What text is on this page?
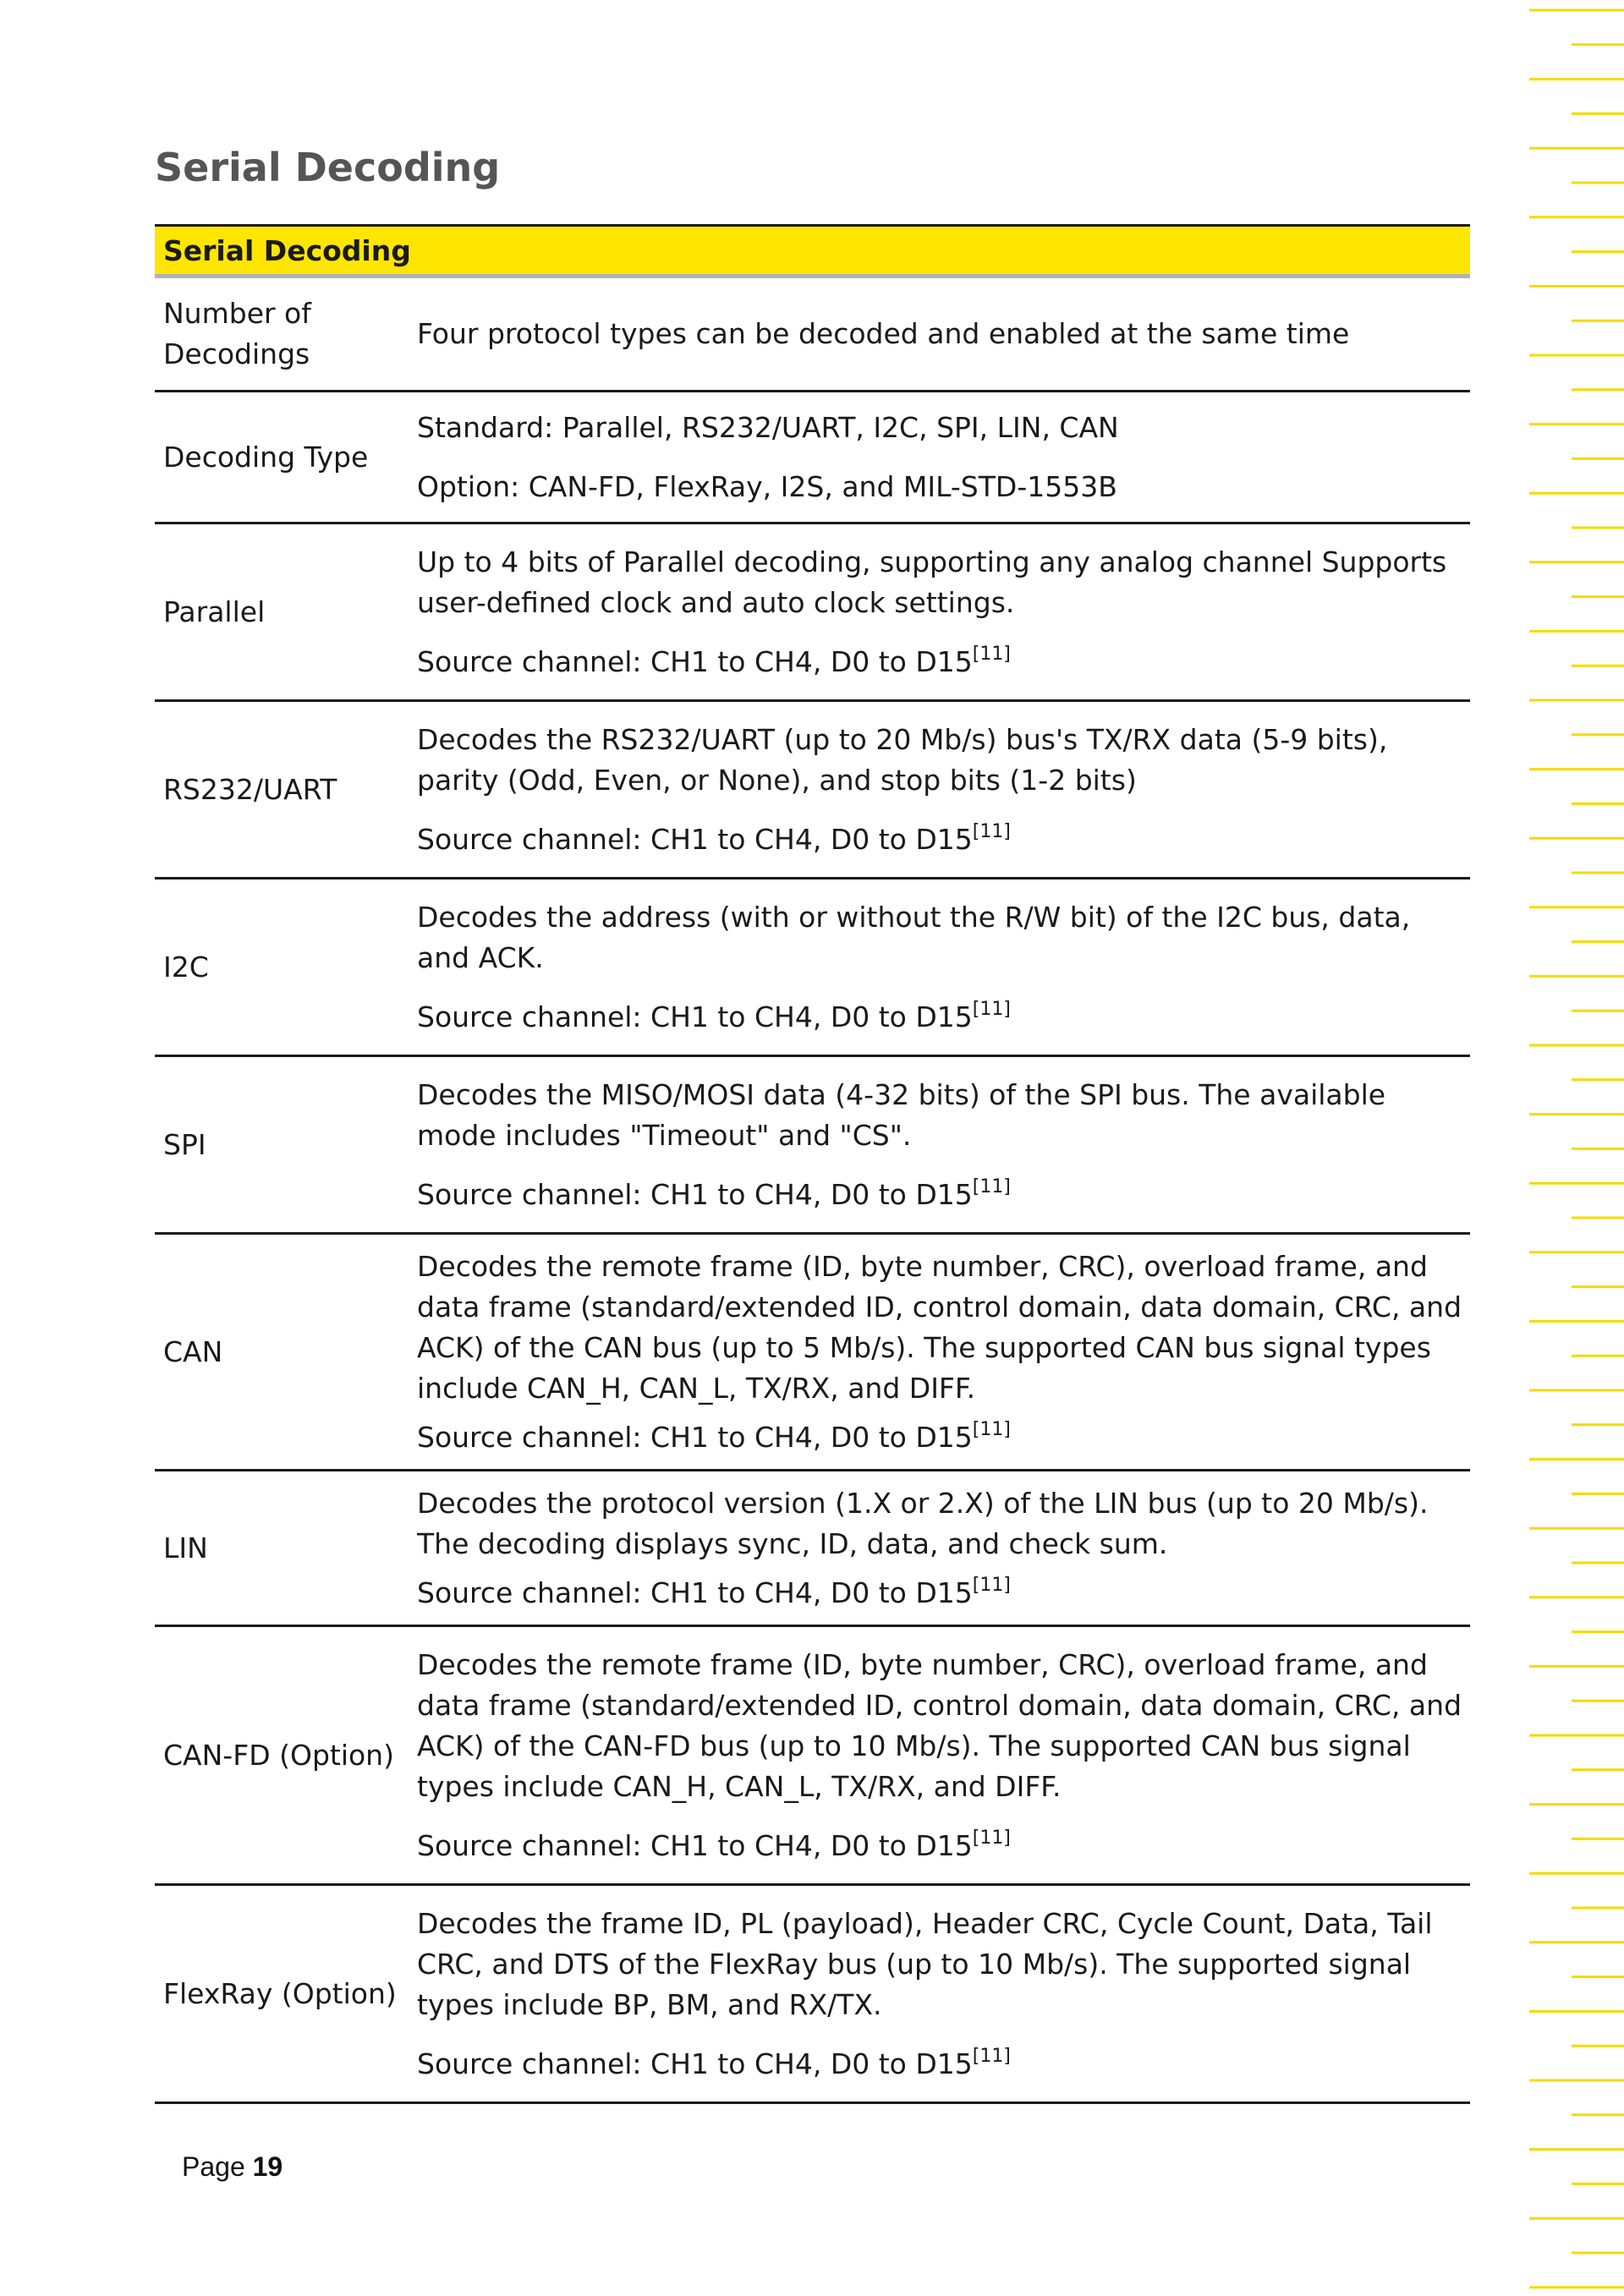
Serial Decoding
Serial Decoding	
Number of Decodings	Four protocol types can be decoded and enabled at the same time

Decoding Type	Standard: Parallel, RS232/UART, I2C, SPI, LIN, CAN

Option: CAN-FD, FlexRay, I2S, and MIL-STD-1553B

Parallel	Up to 4 bits of Parallel decoding, supporting any analog channel Supports user-defined clock and auto clock settings.

Source channel: CH1 to CH4, D0 to D15[11]

RS232/UART	Decodes the RS232/UART (up to 20 Mb/s) bus's TX/RX data (5-9 bits), parity (Odd, Even, or None), and stop bits (1-2 bits)

Source channel: CH1 to CH4, D0 to D15[11]

I2C	Decodes the address (with or without the R/W bit) of the I2C bus, data, and ACK.

Source channel: CH1 to CH4, D0 to D15[11]

SPI	Decodes the MISO/MOSI data (4-32 bits) of the SPI bus. The available mode includes "Timeout" and "CS".

Source channel: CH1 to CH4, D0 to D15[11]

CAN	Decodes the remote frame (ID, byte number, CRC), overload frame, and data frame (standard/extended ID, control domain, data domain, CRC, and ACK) of the CAN bus (up to 5 Mb/s). The supported CAN bus signal types include CAN_H, CAN_L, TX/RX, and DIFF.

Source channel: CH1 to CH4, D0 to D15[11]

LIN	Decodes the protocol version (1.X or 2.X) of the LIN bus (up to 20 Mb/s). The decoding displays sync, ID, data, and check sum.

Source channel: CH1 to CH4, D0 to D15[11]

CAN-FD (Option)	Decodes the remote frame (ID, byte number, CRC), overload frame, and data frame (standard/extended ID, control domain, data domain, CRC, and ACK) of the CAN-FD bus (up to 10 Mb/s). The supported CAN bus signal types include CAN_H, CAN_L, TX/RX, and DIFF.

Source channel: CH1 to CH4, D0 to D15[11]

FlexRay (Option)	Decodes the frame ID, PL (payload), Header CRC, Cycle Count, Data, Tail CRC, and DTS of the FlexRay bus (up to 10 Mb/s). The supported signal types include BP, BM, and RX/TX.

Source channel: CH1 to CH4, D0 to D15[11]

Page 19
